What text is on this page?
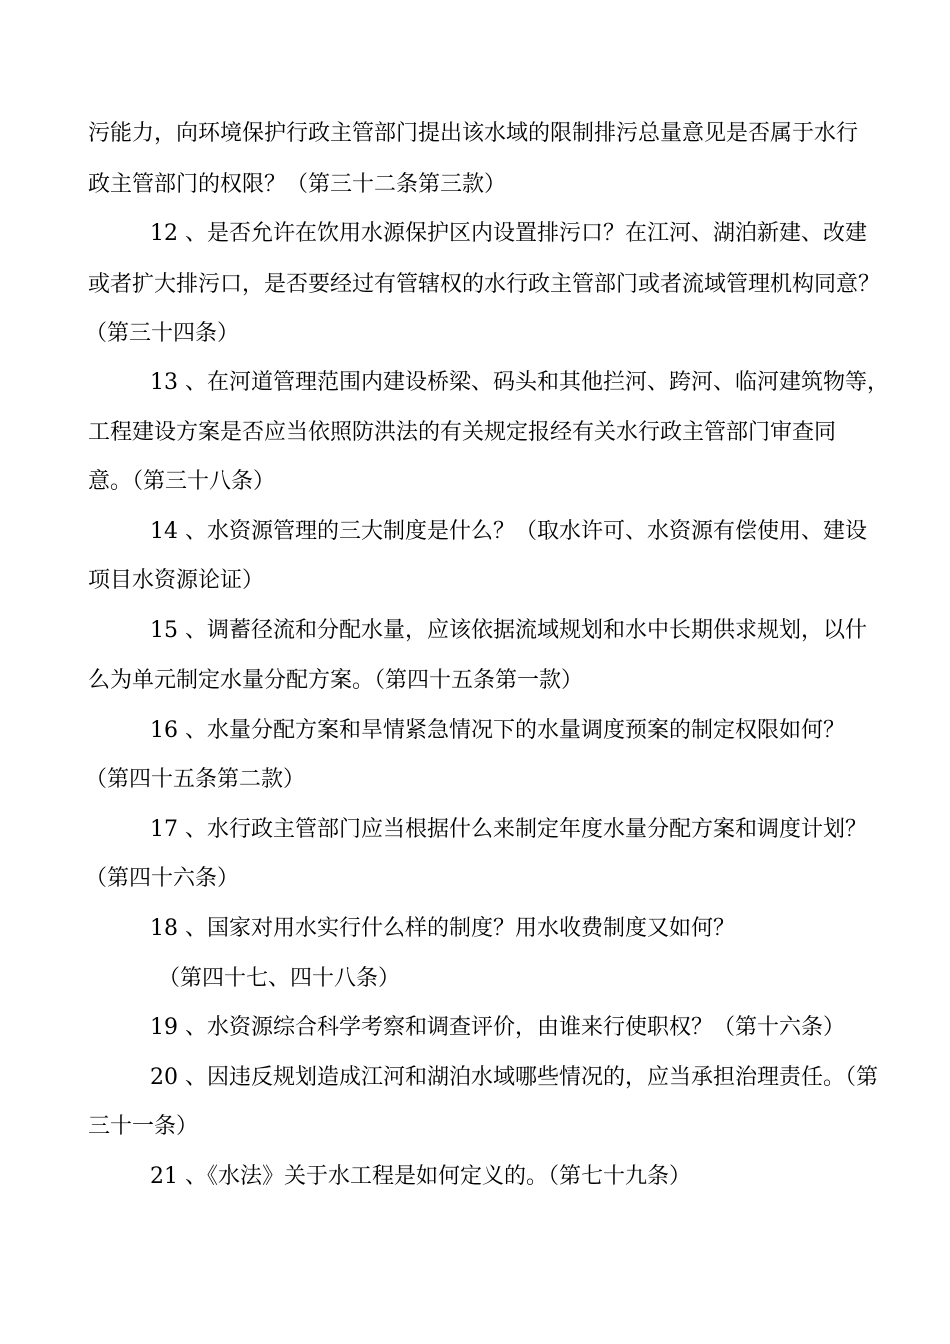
污能力，向环境保护行政主管部门提出该水域的限制排污总量意见是否属于水行
政主管部门的权限？（第三十二条第三款）
12 、是否允许在饮用水源保护区内设置排污口？在江河、湖泊新建、改建
或者扩大排污口，是否要经过有管辖权的水行政主管部门或者流域管理机构同意？
（第三十四条）
13 、在河道管理范围内建设桥梁、码头和其他拦河、跨河、临河建筑物等，
工程建设方案是否应当依照防洪法的有关规定报经有关水行政主管部门审查同
意。（第三十八条）
14 、水资源管理的三大制度是什么？（取水许可、水资源有偿使用、建设
项目水资源论证）
15 、调蓄径流和分配水量，应该依据流域规划和水中长期供求规划，以什
么为单元制定水量分配方案。（第四十五条第一款）
16 、水量分配方案和旱情紧急情况下的水量调度预案的制定权限如何？
（第四十五条第二款）
17 、水行政主管部门应当根据什么来制定年度水量分配方案和调度计划？
（第四十六条）
18 、国家对用水实行什么样的制度？用水收费制度又如何？
（第四十七、四十八条）
19 、水资源综合科学考察和调查评价，由谁来行使职权？（第十六条）
20 、因违反规划造成江河和湖泊水域哪些情况的，应当承担治理责任。（第
三十一条）
21 、《水法》关于水工程是如何定义的。（第七十九条）
